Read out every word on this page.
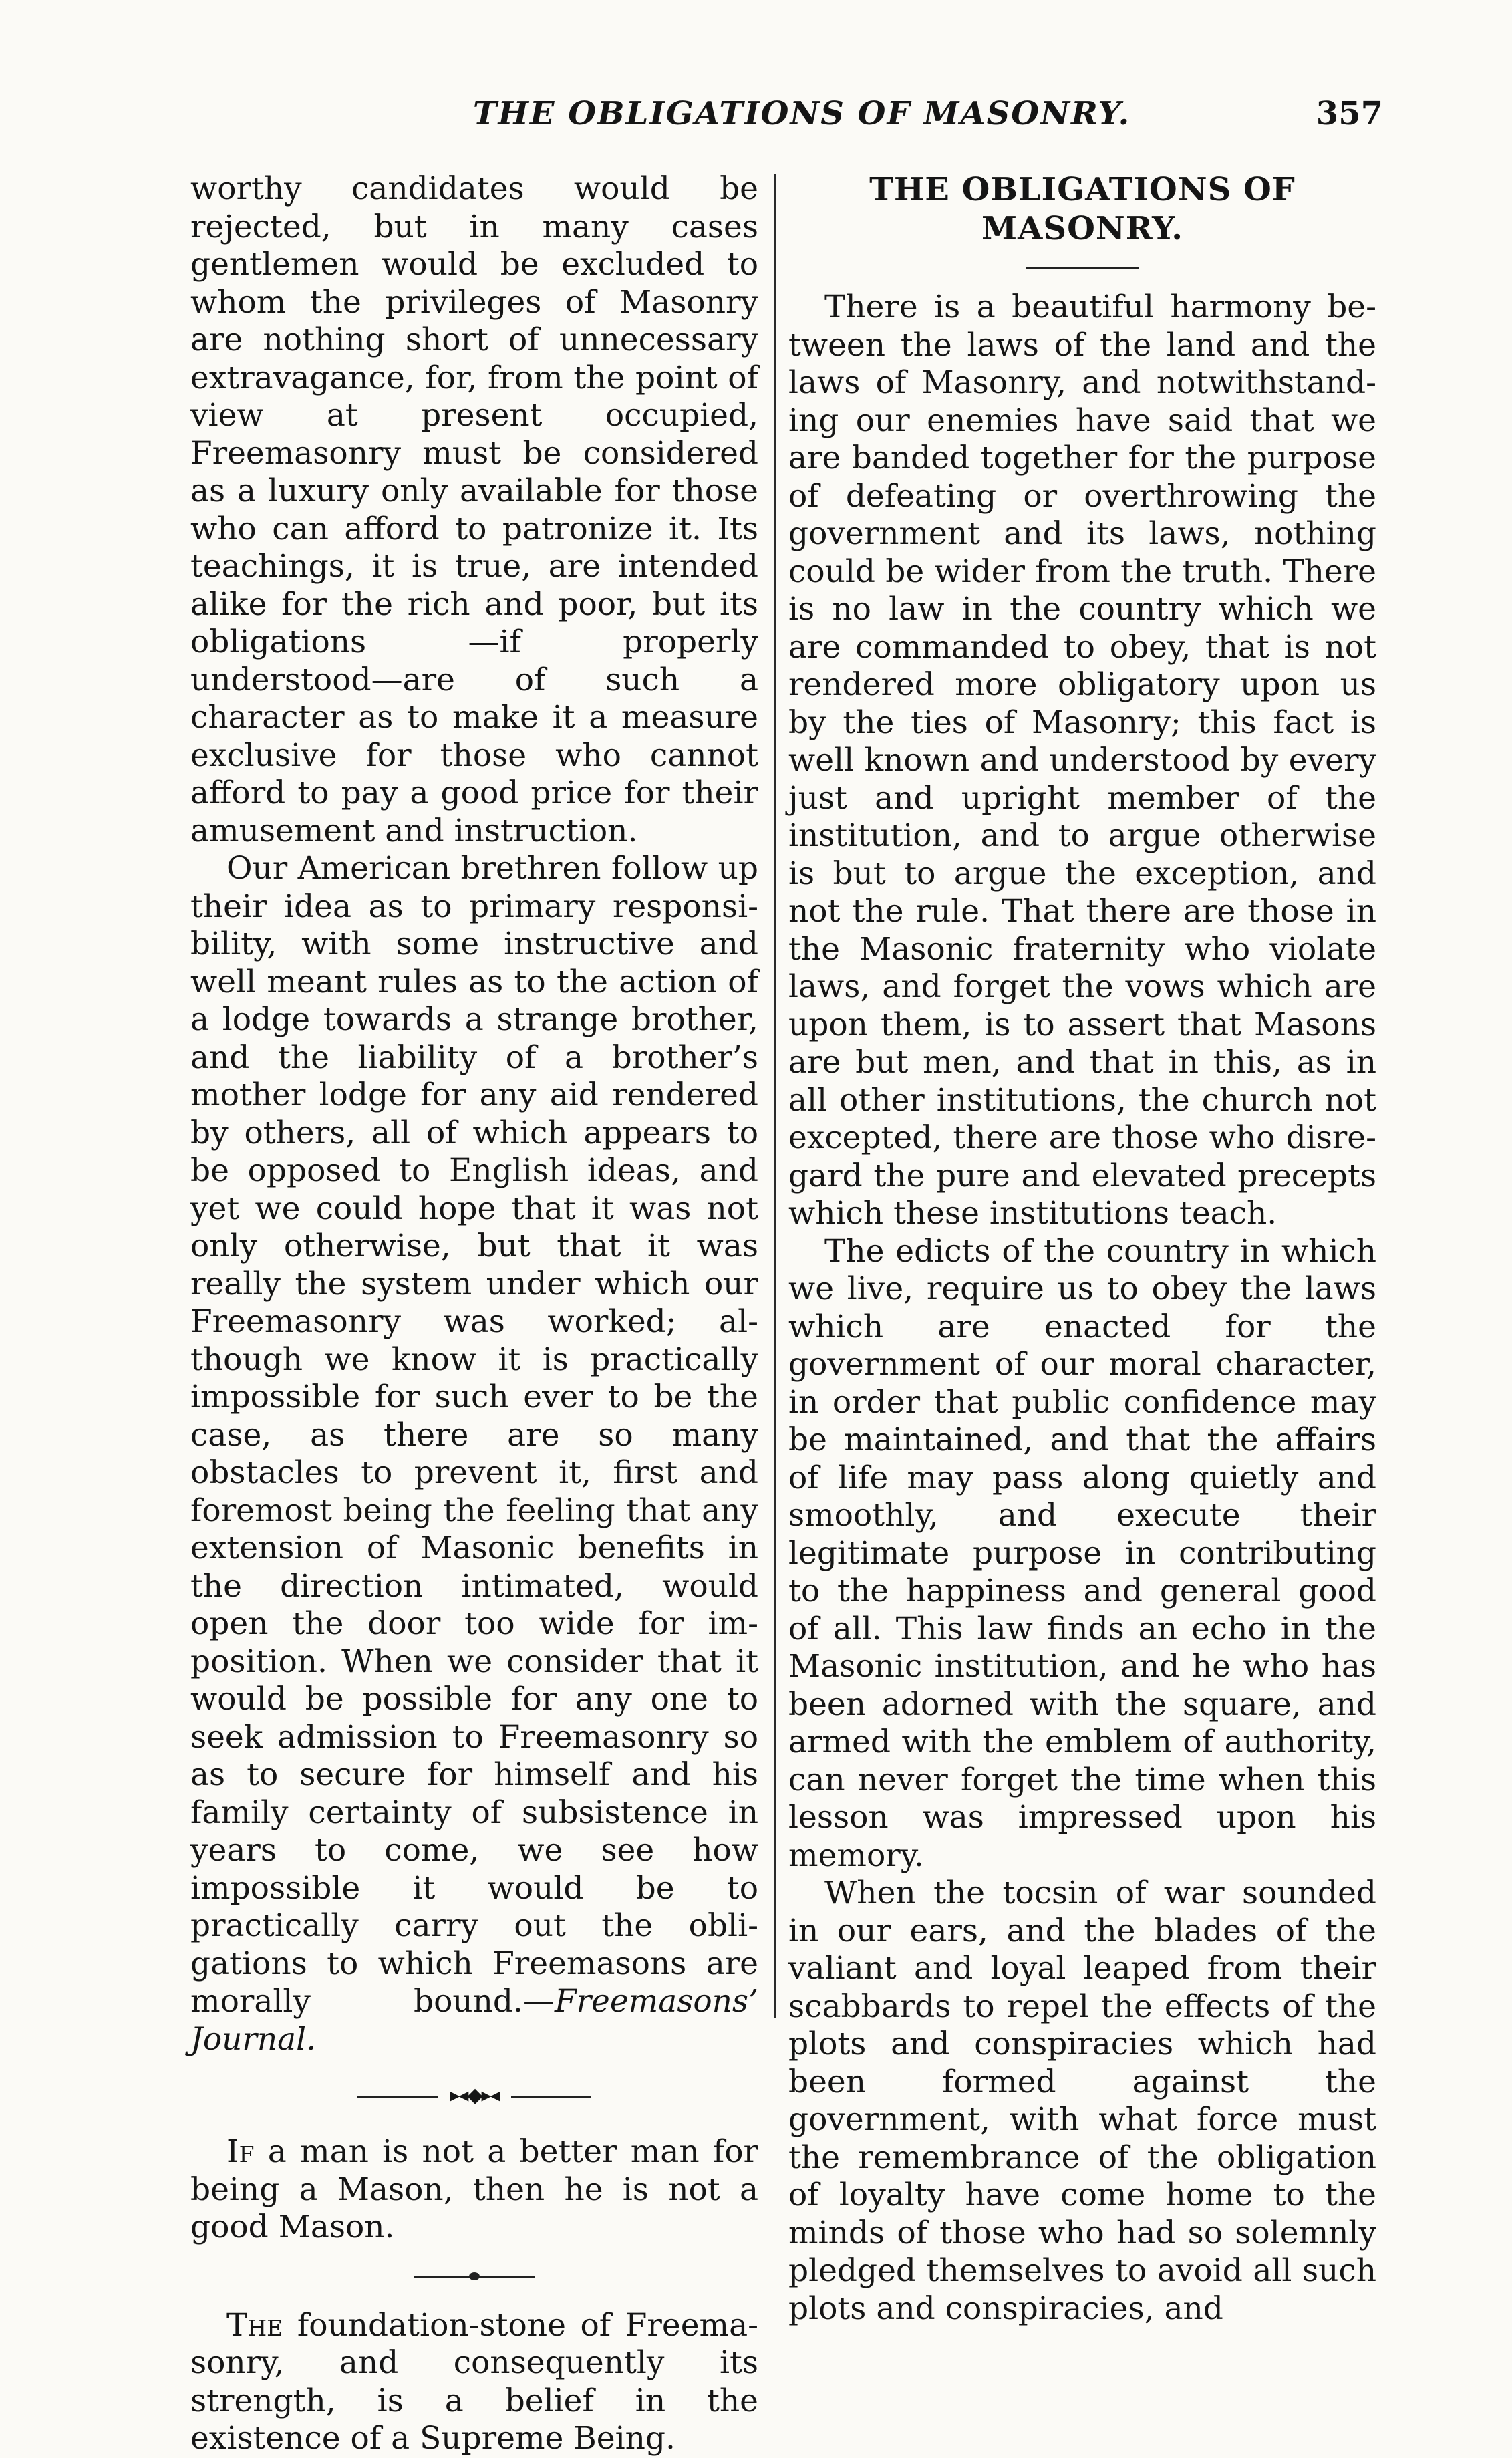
THE OBLIGATIONS OF MASONRY.	357

worthy candidates would be rejected, but in many cases gentlemen would be excluded to whom the privileges of Masonry are nothing short of unnecessary extravagance, for, from the point of view at present occupied, Freemasonry must be considered as a luxury only available for those who can afford to patronize it. Its teachings, it is true, are intended alike for the rich and poor, but its obligations —if properly understood—are of such a character as to make it a measure exclusive for those who cannot afford to pay a good price for their amusement and instruction.

Our American brethren follow up their idea as to primary responsibility, with some instructive and well meant rules as to the action of a lodge towards a strange brother, and the liability of a brother’s mother lodge for any aid rendered by others, all of which appears to be opposed to English ideas, and yet we could hope that it was not only otherwise, but that it was really the system under which our Freemasonry was worked; although we know it is practically impossible for such ever to be the case, as there are so many obstacles to prevent it, first and foremost being the feeling that any extension of Masonic benefits in the direction intimated, would open the door too wide for imposition. When we consider that it would be possible for any one to seek admission to Freemasonry so as to secure for himself and his family certainty of subsistence in years to come, we see how impossible it would be to practically carry out the obligations to which Freemasons are morally bound.—Freemasons’ Journal.

▸◂◆▸◂

If a man is not a better man for being a Mason, then he is not a good Mason.

The foundation-stone of Freemasonry, and consequently its strength, is a belief in the existence of a Supreme Being.

THE OBLIGATIONS OF MASONRY.

There is a beautiful harmony between the laws of the land and the laws of Masonry, and notwithstanding our enemies have said that we are banded together for the purpose of defeating or overthrowing the government and its laws, nothing could be wider from the truth. There is no law in the country which we are commanded to obey, that is not rendered more obligatory upon us by the ties of Masonry; this fact is well known and understood by every just and upright member of the institution, and to argue otherwise is but to argue the exception, and not the rule. That there are those in the Masonic fraternity who violate laws, and forget the vows which are upon them, is to assert that Masons are but men, and that in this, as in all other institutions, the church not excepted, there are those who disregard the pure and elevated precepts which these institutions teach.

The edicts of the country in which we live, require us to obey the laws which are enacted for the government of our moral character, in order that public confidence may be maintained, and that the affairs of life may pass along quietly and smoothly, and execute their legitimate purpose in contributing to the happiness and general good of all. This law finds an echo in the Masonic institution, and he who has been adorned with the square, and armed with the emblem of authority, can never forget the time when this lesson was impressed upon his memory.

When the tocsin of war sounded in our ears, and the blades of the valiant and loyal leaped from their scabbards to repel the effects of the plots and conspiracies which had been formed against the government, with what force must the remembrance of the obligation of loyalty have come home to the minds of those who had so solemnly pledged themselves to avoid all such plots and conspiracies, and
